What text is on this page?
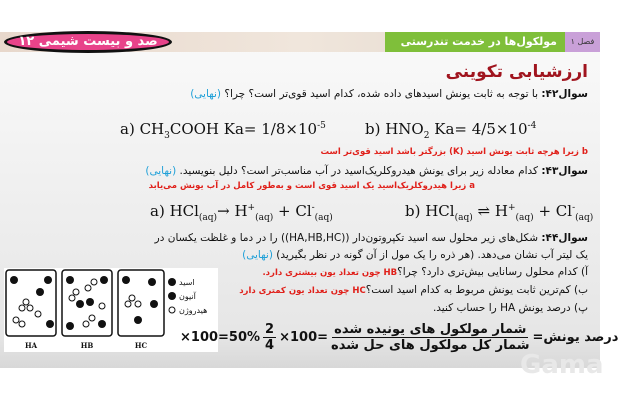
صد و بیست شیمی ۱۲	مولکول‌ها در خدمت تندرستی	فصل ۱
ارزشیابی تکوینی
سوال۴۲: با توجه به ثابت یونش اسیدهای داده شده، کدام اسید قوی‌تر است؟ چرا؟ (نهایی)
a) $CH_3COOH$ $Ka= 1/8\times 10^{-5}$	b) $HNO_2$ $Ka= 4/5\times 10^{-4}$
b زیرا هرچه ثابت یونش اسید (K) بزرگتر باشد اسید قوی‌تر است
سوال۴۳: کدام معادله زیر برای یونش هیدروکلریک‌اسید در آب مناسب‌تر است؟ دلیل بنویسید. (نهایی)
a زیرا هیدروکلریک‌اسید یک اسید قوی است و به‌طور کامل در آب یونش می‌یابد
a) $HCl_{(aq)}\to H^+_{(aq)} + Cl^-_{(aq)}$	b) HCl$_{(aq)}$ ⇌ $H^+_{(aq)} + Cl^-_{(aq)}$
سوال۴۴: شکل‌های زیر محلول سه اسید تکپروتون‌دار ((HA,HB,HC)) را در دما و غلظت یکسان در
یک لیتر آب نشان می‌دهد. (هر ذره را یک مول از آن گونه در نظر بگیرید) (نهایی)
آ) کدام محلول رسانایی بیش‌تری دارد؟ چرا؟HB چون تعداد یون بیشتری دارد.
ب) کم‌ترین ثابت یونش مربوط به کدام اسید است؟HC چون تعداد یون کمتری دارد
پ) درصد یونش HA را حساب کنید.
HA	HB	HC
اسید
آنیون
هیدروژن
درصد یونش
=
شمار مولکول های یونیده شده
شمار کل مولکول های حل شده
×100=
$\frac{2}{4}$
×100=50%
Gama
